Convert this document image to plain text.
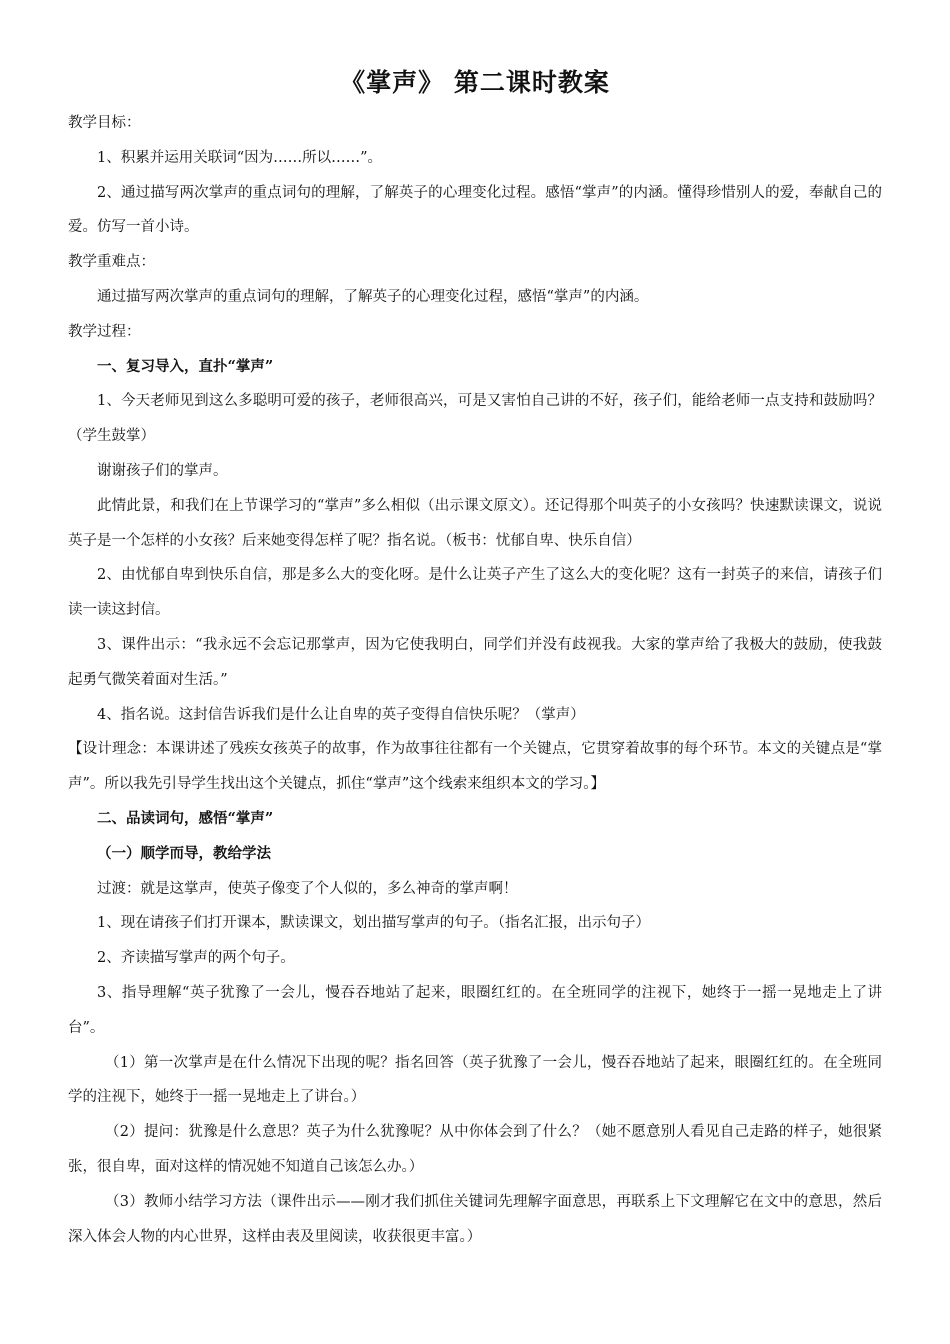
《掌声》 第二课时教案

教学目标：

1、积累并运用关联词“因为……所以……”。

2、通过描写两次掌声的重点词句的理解，了解英子的心理变化过程。感悟“掌声”的内涵。懂得珍惜别人的爱，奉献自己的爱。仿写一首小诗。

教学重难点：

通过描写两次掌声的重点词句的理解，了解英子的心理变化过程，感悟“掌声”的内涵。

教学过程：

一、复习导入，直扑“掌声”

1、今天老师见到这么多聪明可爱的孩子，老师很高兴，可是又害怕自己讲的不好，孩子们，能给老师一点支持和鼓励吗？（学生鼓掌）

谢谢孩子们的掌声。

此情此景，和我们在上节课学习的“掌声”多么相似（出示课文原文）。还记得那个叫英子的小女孩吗？快速默读课文，说说英子是一个怎样的小女孩？后来她变得怎样了呢？指名说。（板书：忧郁自卑、快乐自信）

2、由忧郁自卑到快乐自信，那是多么大的变化呀。是什么让英子产生了这么大的变化呢？这有一封英子的来信，请孩子们读一读这封信。

3、课件出示：“我永远不会忘记那掌声，因为它使我明白，同学们并没有歧视我。大家的掌声给了我极大的鼓励，使我鼓起勇气微笑着面对生活。”

4、指名说。这封信告诉我们是什么让自卑的英子变得自信快乐呢？（掌声）

【设计理念：本课讲述了残疾女孩英子的故事，作为故事往往都有一个关键点，它贯穿着故事的每个环节。本文的关键点是“掌声”。所以我先引导学生找出这个关键点，抓住“掌声”这个线索来组织本文的学习。】

二、品读词句，感悟“掌声”

（一）顺学而导，教给学法

过渡：就是这掌声，使英子像变了个人似的，多么神奇的掌声啊！

1、现在请孩子们打开课本，默读课文，划出描写掌声的句子。（指名汇报，出示句子）

2、齐读描写掌声的两个句子。

3、指导理解“英子犹豫了一会儿，慢吞吞地站了起来，眼圈红红的。在全班同学的注视下，她终于一摇一晃地走上了讲台”。

（1）第一次掌声是在什么情况下出现的呢？指名回答（英子犹豫了一会儿，慢吞吞地站了起来，眼圈红红的。在全班同学的注视下，她终于一摇一晃地走上了讲台。）

（2）提问：犹豫是什么意思？英子为什么犹豫呢？从中你体会到了什么？（她不愿意别人看见自己走路的样子，她很紧张，很自卑，面对这样的情况她不知道自己该怎么办。）

（3）教师小结学习方法（课件出示——刚才我们抓住关键词先理解字面意思，再联系上下文理解它在文中的意思，然后深入体会人物的内心世界，这样由表及里阅读，收获很更丰富。）
